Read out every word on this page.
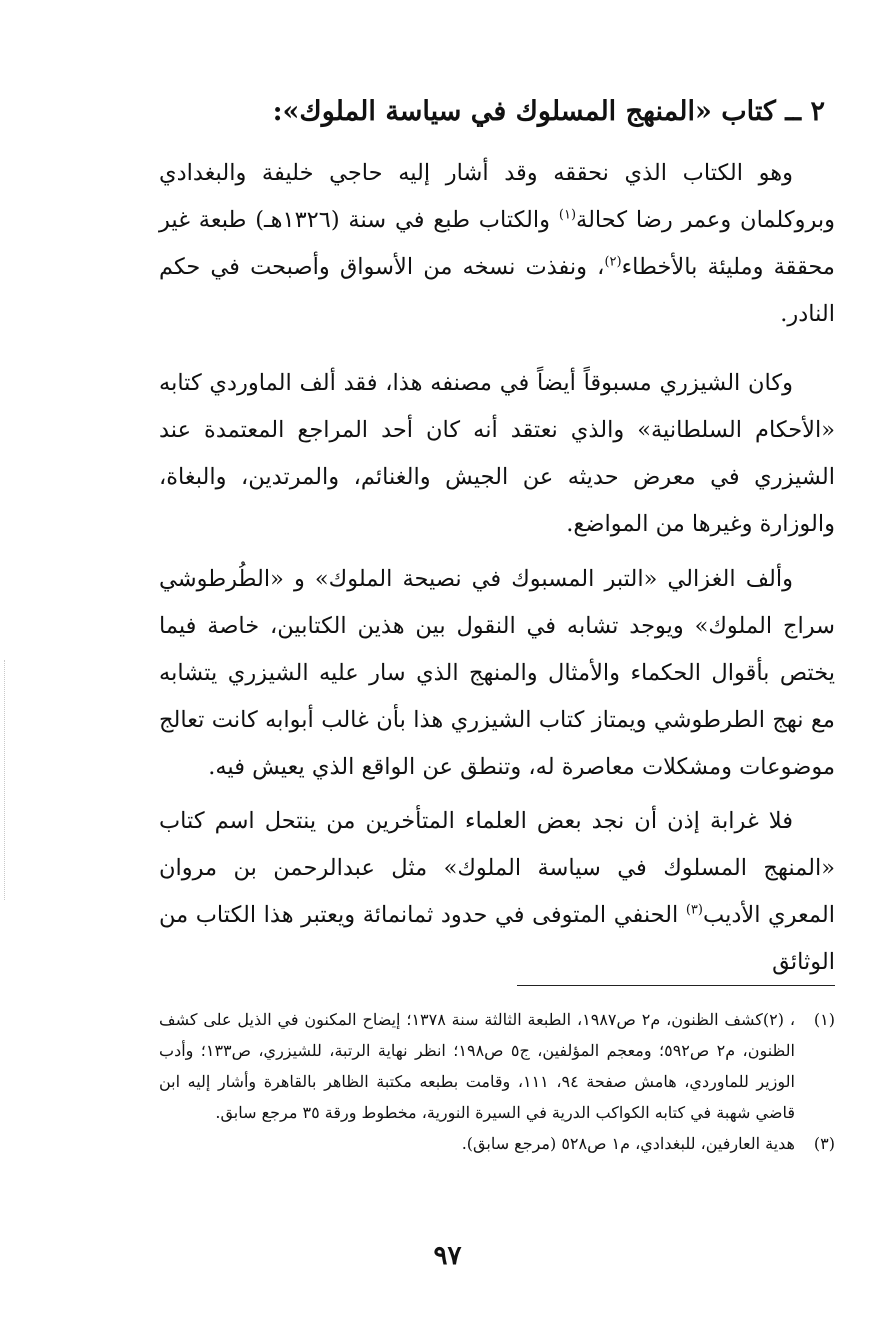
٢ ــ كتاب «المنهج المسلوك في سياسة الملوك»:
وهو الكتاب الذي نحققه وقد أشار إليه حاجي خليفة والبغدادي وبروكلمان وعمر رضا كحالة$^{(١)}$ والكتاب طبع في سنة (١٣٢٦هـ) طبعة غير محققة ومليئة بالأخطاء$^{(٢)}$، ونفذت نسخه من الأسواق وأصبحت في حكم النادر.
وكان الشيزري مسبوقاً أيضاً في مصنفه هذا، فقد ألف الماوردي كتابه «الأحكام السلطانية» والذي نعتقد أنه كان أحد المراجع المعتمدة عند الشيزري في معرض حديثه عن الجيش والغنائم، والمرتدين، والبغاة، والوزارة وغيرها من المواضع.
وألف الغزالي «التبر المسبوك في نصيحة الملوك» و «الطُرطوشي سراج الملوك» ويوجد تشابه في النقول بين هذين الكتابين، خاصة فيما يختص بأقوال الحكماء والأمثال والمنهج الذي سار عليه الشيزري يتشابه مع نهج الطرطوشي ويمتاز كتاب الشيزري هذا بأن غالب أبوابه كانت تعالج موضوعات ومشكلات معاصرة له، وتنطق عن الواقع الذي يعيش فيه.
فلا غرابة إذن أن نجد بعض العلماء المتأخرين من ينتحل اسم كتاب «المنهج المسلوك في سياسة الملوك» مثل عبدالرحمن بن مروان المعري الأديب$^{(٣)}$ الحنفي المتوفى في حدود ثمانمائة ويعتبر هذا الكتاب من الوثائق
(١)
، (٢)كشف الظنون، م٢ ص١٩٨٧، الطبعة الثالثة سنة ١٣٧٨؛ إيضاح المكنون في الذيل على كشف الظنون، م٢ ص٥٩٢؛ ومعجم المؤلفين، ج٥ ص١٩٨؛ انظر نهاية الرتبة، للشيزري، ص١٣٣؛ وأدب الوزير للماوردي، هامش صفحة ٩٤، ١١١، وقامت بطبعه مكتبة الظاهر بالقاهرة وأشار إليه ابن قاضي شهبة في كتابه الكواكب الدرية في السيرة النورية، مخطوط ورقة ٣٥ مرجع سابق.
(٣)
هدية العارفين، للبغدادي، م١ ص٥٢٨ (مرجع سابق).
٩٧
